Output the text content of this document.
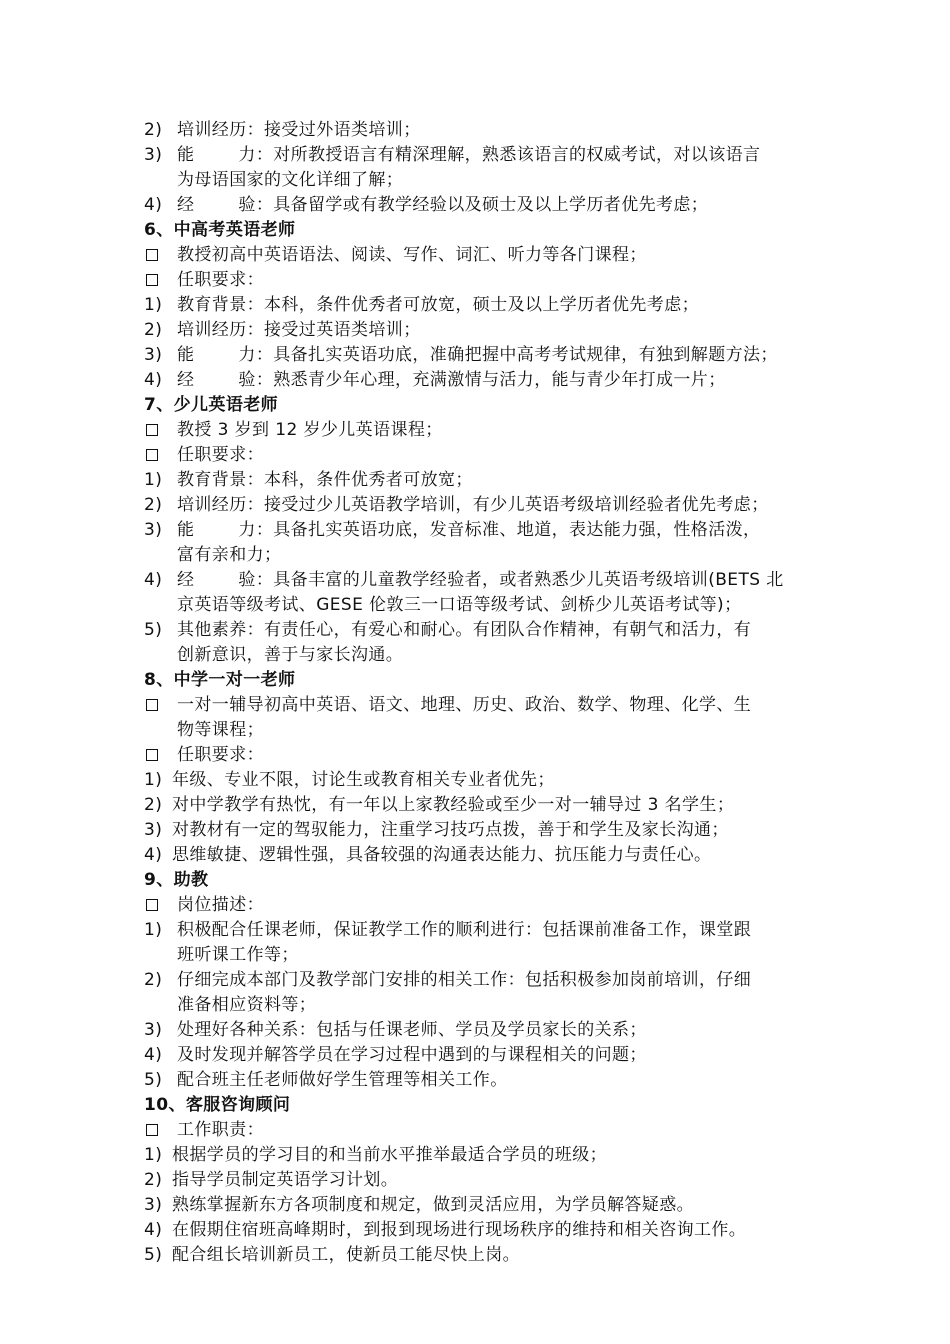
2) 培训经历：接受过外语类培训；
3) 能	力：对所教授语言有精深理解，熟悉该语言的权威考试，对以该语言
为母语国家的文化详细了解；
4) 经	验：具备留学或有教学经验以及硕士及以上学历者优先考虑；
6、中高考英语老师
教授初高中英语语法、阅读、写作、词汇、听力等各门课程；
任职要求：
1) 教育背景：本科，条件优秀者可放宽，硕士及以上学历者优先考虑；
2) 培训经历：接受过英语类培训；
3) 能	力：具备扎实英语功底，准确把握中高考考试规律，有独到解题方法；
4) 经	验：熟悉青少年心理，充满激情与活力，能与青少年打成一片；
7、少儿英语老师
教授 3 岁到 12 岁少儿英语课程；
任职要求：
1) 教育背景：本科，条件优秀者可放宽；
2) 培训经历：接受过少儿英语教学培训，有少儿英语考级培训经验者优先考虑；
3) 能	力：具备扎实英语功底，发音标准、地道，表达能力强，性格活泼，
富有亲和力；
4) 经	验：具备丰富的儿童教学经验者，或者熟悉少儿英语考级培训(BETS 北
京英语等级考试、GESE 伦敦三一口语等级考试、剑桥少儿英语考试等)；
5) 其他素养：有责任心，有爱心和耐心。有团队合作精神，有朝气和活力，有
创新意识，善于与家长沟通。
8、中学一对一老师
一对一辅导初高中英语、语文、地理、历史、政治、数学、物理、化学、生
物等课程；
任职要求：
1) 年级、专业不限，讨论生或教育相关专业者优先；
2) 对中学教学有热忱，有一年以上家教经验或至少一对一辅导过 3 名学生；
3) 对教材有一定的驾驭能力，注重学习技巧点拨，善于和学生及家长沟通；
4) 思维敏捷、逻辑性强，具备较强的沟通表达能力、抗压能力与责任心。
9、助教
岗位描述：
1) 积极配合任课老师，保证教学工作的顺利进行：包括课前准备工作，课堂跟
班听课工作等；
2) 仔细完成本部门及教学部门安排的相关工作：包括积极参加岗前培训，仔细
准备相应资料等；
3) 处理好各种关系：包括与任课老师、学员及学员家长的关系；
4) 及时发现并解答学员在学习过程中遇到的与课程相关的问题；
5) 配合班主任老师做好学生管理等相关工作。
10、客服咨询顾问
工作职责：
1) 根据学员的学习目的和当前水平推举最适合学员的班级；
2) 指导学员制定英语学习计划。
3) 熟练掌握新东方各项制度和规定，做到灵活应用，为学员解答疑惑。
4) 在假期住宿班高峰期时，到报到现场进行现场秩序的维持和相关咨询工作。
5) 配合组长培训新员工，使新员工能尽快上岗。
